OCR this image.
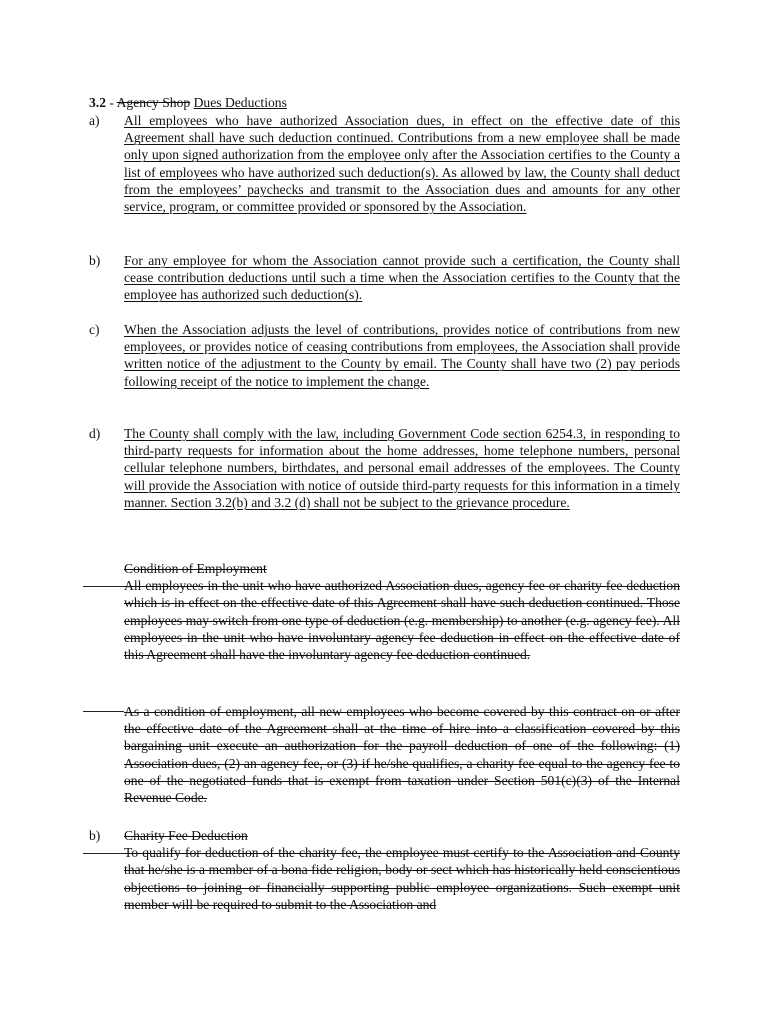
3.2 - Agency Shop Dues Deductions
a)	All employees who have authorized Association dues, in effect on the effective date of this Agreement shall have such deduction continued. Contributions from a new employee shall be made only upon signed authorization from the employee only after the Association certifies to the County a list of employees who have authorized such deduction(s). As allowed by law, the County shall deduct from the employees’ paychecks and transmit to the Association dues and amounts for any other service, program, or committee provided or sponsored by the Association.
b)	For any employee for whom the Association cannot provide such a certification, the County shall cease contribution deductions until such a time when the Association certifies to the County that the employee has authorized such deduction(s).
c)	When the Association adjusts the level of contributions, provides notice of contributions from new employees, or provides notice of ceasing contributions from employees, the Association shall provide written notice of the adjustment to the County by email. The County shall have two (2) pay periods following receipt of the notice to implement the change.
d)	The County shall comply with the law, including Government Code section 6254.3, in responding to third-party requests for information about the home addresses, home telephone numbers, personal cellular telephone numbers, birthdates, and personal email addresses of the employees. The County will provide the Association with notice of outside third-party requests for this information in a timely manner. Section 3.2(b) and 3.2 (d) shall not be subject to the grievance procedure.
Condition of Employment
All employees in the unit who have authorized Association dues, agency fee or charity fee deduction which is in effect on the effective date of this Agreement shall have such deduction continued. Those employees may switch from one type of deduction (e.g. membership) to another (e.g. agency fee). All employees in the unit who have involuntary agency fee deduction in effect on the effective date of this Agreement shall have the involuntary agency fee deduction continued.
As a condition of employment, all new employees who become covered by this contract on or after the effective date of the Agreement shall at the time of hire into a classification covered by this bargaining unit execute an authorization for the payroll deduction of one of the following: (1) Association dues, (2) an agency fee, or (3) if he/she qualifies, a charity fee equal to the agency fee to one of the negotiated funds that is exempt from taxation under Section 501(c)(3) of the Internal Revenue Code.
b)	Charity Fee Deduction
To qualify for deduction of the charity fee, the employee must certify to the Association and County that he/she is a member of a bona fide religion, body or sect which has historically held conscientious objections to joining or financially supporting public employee organizations. Such exempt unit member will be required to submit to the Association and
